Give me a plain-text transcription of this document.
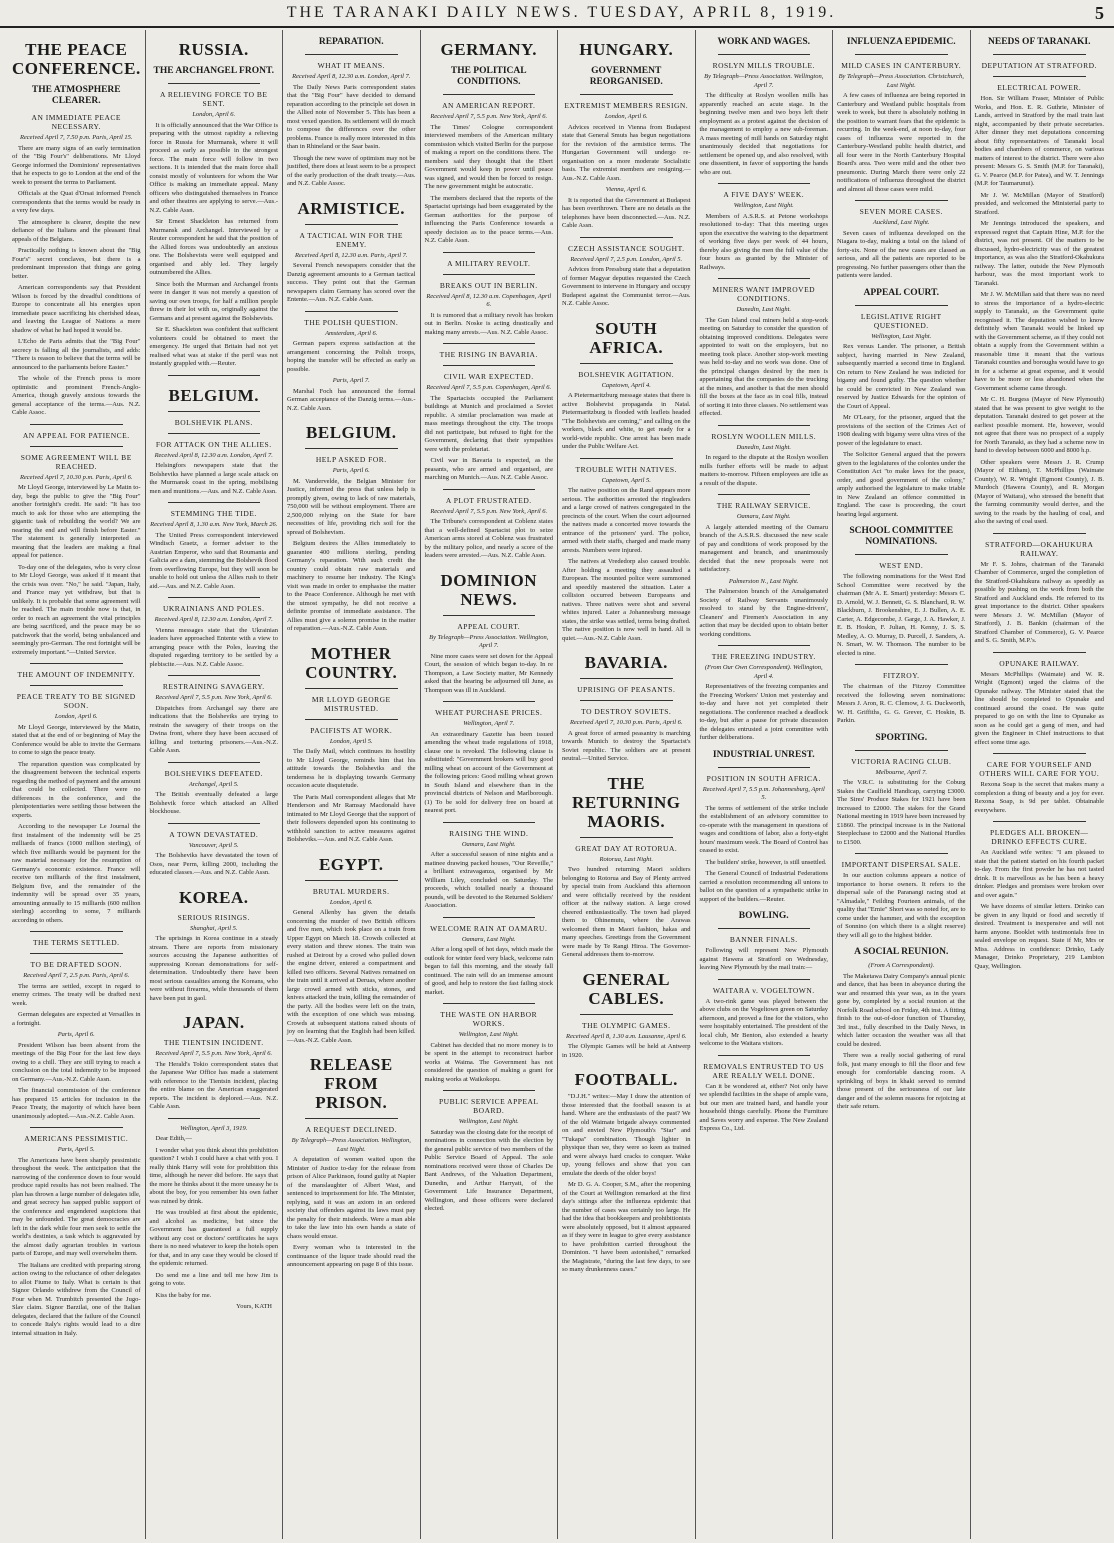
THE TARANAKI DAILY NEWS. TUESDAY, APRIL 8, 1919.	5
THE PEACE CONFERENCE.
THE ATMOSPHERE CLEARER.
AN IMMEDIATE PEACE NECESSARY.
Received April 7, 7.50 p.m. Paris, April 15.

There are many signs of an early termination of the "Big Four's" deliberations. Mr Lloyd George informed the Dominions' representatives that he expects to go to London at the end of the week to present the terms to Parliament.

Officials at the Quai d'Orsai informed French correspondents that the terms would be ready in a very few days.

The atmosphere is clearer, despite the new defiance of the Italians and the pleasant final appeals of the Belgians.

Practically nothing is known about the "Big Four's" secret conclaves, but there is a predominant impression that things are going better.

American correspondents say that President Wilson is forced by the dreadful conditions of Europe to concentrate all his energies upon immediate peace sacrificing his cherished ideas, and leaving the League of Nations a mere shadow of what he had hoped it would be.

L'Echo de Paris admits that the "Big Four" secrecy is falling all the journalists, and adds: "There is reason to believe that the terms will be announced to the parliaments before Easter."

The whole of the French press is more optimistic and prominent French-Anglo-America, though gravely anxious towards the general acceptance of the terms.—Aus. N.Z. Cable Assoc.

AN APPEAL FOR PATIENCE.
SOME AGREEMENT WILL BE REACHED.
Received April 7, 10.30 p.m. Paris, April 6.

Mr Lloyd George, interviewed by Le Matin to-day, begs the public to give the "Big Four" another fortnight's credit. He said: "It has too much to ask for those who are attempting the gigantic task of rebuilding the world? We are nearing the end and will finish before Easter." The statement is generally interpreted as meaning that the leaders are making a final appeal for patience.

To-day one of the delegates, who is very close to Mr Lloyd George, was asked if it meant that the crisis was over. "No," he said. "Japan, Italy, and France may yet withdraw, but that is unlikely. It is probable that some agreement will be reached. The main trouble now is that, in order to reach an agreement the vital principles are being sacrificed, and the peace may be so patchwork that the world, being unbalanced and seemingly pro-German. The rest fortnight will be extremely important."—United Service.

THE AMOUNT OF INDEMNITY.
PEACE TREATY TO BE SIGNED SOON.
London, April 6.

Mr Lloyd George, interviewed by the Matin, stated that at the end of or beginning of May the Conference would be able to invite the Germans to come to sign the peace treaty.

The reparation question was complicated by the disagreement between the technical experts regarding the method of payment and the amount that could be collected. There were no differences in the conference, and the plenipotentiaries were settling those between the experts.

According to the newspaper Le Journal the first instalment of the indemnity will be 25 milliards of francs (1000 million sterling), of which five milliards would be payment for the raw material necessary for the resumption of Germany's economic existence. France will receive ten milliards of the first instalment, Belgium five, and the remainder of the indemnity will be spread over 35 years, amounting annually to 15 milliards (600 million sterling) according to some, 7 milliards according to others.

THE TERMS SETTLED.
TO BE DRAFTED SOON.
Received April 7, 2.5 p.m. Paris, April 6.

The terms are settled, except in regard to enemy crimes. The treaty will be drafted next week.

German delegates are expected at Versailles in a fortnight.

Paris, April 6.

President Wilson has been absent from the meetings of the Big Four for the last few days owing to a chill. They are still trying to reach a conclusion on the total indemnity to be imposed on Germany.—Aus.-N.Z. Cable Assn.

The financial commission of the conference has prepared 15 articles for inclusion in the Peace Treaty, the majority of which have been unanimously adopted.—Aus.-N.Z. Cable Assn.

AMERICANS PESSIMISTIC.
Paris, April 5.

The Americans have been sharply pessimistic throughout the week. The anticipation that the narrowing of the conference down to four would produce rapid results has not been realised. The plan has thrown a large number of delegates idle, and great secrecy has sapped public support of the conference and engendered suspicions that may be unfounded. The great democracies are left in the dark while four men seek to settle the world's destinies, a task which is aggravated by the almost daily agrarian troubles in various parts of Europe, and may well overwhelm them.

The Italians are credited with preparing strong action owing to the reluctance of other delegates to allot Fiume to Italy. What is certain is that Signor Orlando withdrew from the Council of Four when M. Trumbitch presented the Jugo-Slav claim. Signor Barzilai, one of the Italian delegates, declared that the failure of the Council to concede Italy's rights would lead to a dire internal situation in Italy.

RUSSIA.
THE ARCHANGEL FRONT.
A RELIEVING FORCE TO BE SENT.
London, April 6.

It is officially announced that the War Office is preparing with the utmost rapidity a relieving force in Russia for Murmansk, where it will proceed as early as possible in the strongest force. The main force will follow in two sections. It is intended that the main force shall consist mostly of volunteers for whom the War Office is making an immediate appeal. Many officers who distinguished themselves in France and other theatres are applying to serve.—Aus.-N.Z. Cable Assn.

Sir Ernest Shackleton has returned from Murmansk and Archangel. Interviewed by a Reuter correspondent he said that the position of the Allied forces was undoubtedly an anxious one. The Bolshevists were well equipped and organised and ably led. They largely outnumbered the Allies.

Since both the Murman and Archangel fronts were in danger it was not merely a question of saving our own troops, for half a million people threw in their lot with us, originally against the Germans and at present against the Bolshevists.

Sir E. Shackleton was confident that sufficient volunteers could be obtained to meet the emergency. He urged that Britain had not yet realised what was at stake if the peril was not instantly grappled with.—Reuter.

BELGIUM.
BOLSHEVIK PLANS.
FOR ATTACK ON THE ALLIES.
Received April 8, 12.30 a.m. London, April 7.

Helsingfors newspapers state that the Bolsheviks have planned a large scale attack on the Murmansk coast in the spring, mobilising men and munitions.—Aus. and N.Z. Cable Assn.

STEMMING THE TIDE.
Received April 8, 1.30 a.m. New York, March 26.

The United Press correspondent interviewed Windisch Graetz, a former adviser to the Austrian Emperor, who said that Roumania and Galicia are a dam, stemming the Bolshevik flood from overflowing Europe, but they will soon be unable to hold out unless the Allies rush to their aid.—Aus. and N.Z. Cable Assn.

UKRAINIANS AND POLES.
Received April 8, 12.30 a.m. London, April 7.

Vienna messages state that the Ukrainian leaders have approached Entente with a view to arranging peace with the Poles, leaving the disputed regarding territory to be settled by a plebiscite.—Aus. N.Z. Cable Assoc.

RESTRAINING SAVAGERY.
Received April 7, 5.5 p.m. New York, April 6.

Dispatches from Archangel say there are indications that the Bolsheviks are trying to restrain the savagery of their troops on the Dwina front, where they have been accused of killing and torturing prisoners.—Aus.-N.Z. Cable Assn.

BOLSHEVIKS DEFEATED.
Archangel, April 5.

The British eventually defeated a large Bolshevik force which attacked an Allied blockhouse.

A TOWN DEVASTATED.
Vancouver, April 5.

The Bolsheviks have devastated the town of Osos, near Perm, killing 2000, including the educated classes.—Aus. and N.Z. Cable Assn.

KOREA.
SERIOUS RISINGS.
Shanghai, April 5.

The uprisings in Korea continue in a steady stream. There are reports from missionary sources accusing the Japanese authorities of suppressing Korean demonstrations for self-determination. Undoubtedly there have been most serious casualties among the Koreans, who were without firearms, while thousands of them have been put in gaol.

JAPAN.
THE TIENTSIN INCIDENT.
Received April 7, 5.5 p.m. New York, April 6.

The Herald's Tokio correspondent states that the Japanese War Office has made a statement with reference to the Tientsin incident, placing the entire blame on the American exaggerated reports. The incident is deplored.—Aus. N.Z. Cable Assn.

Wellington, April 3, 1919.

Dear Edith,—

I wonder what you think about this prohibition question? I wish I could have a chat with you. I really think Harry will vote for prohibition this time, although he never did before. He says that the more he thinks about it the more uneasy he is about the boy, for you remember his own father was ruined by drink.

He was troubled at first about the epidemic, and alcohol as medicine, but since the Government has guaranteed a full supply without any cost or doctors' certificates he says there is no need whatever to keep the hotels open for that, and in any case they would be closed if the epidemic returned.

Do send me a line and tell me how Jim is going to vote.

Kiss the baby for me.

Yours, KATH
REPARATION.
WHAT IT MEANS.
Received April 8, 12.30 a.m. London, April 7.

The Daily News Paris correspondent states that the "Big Four" have decided to demand reparation according to the principle set down in the Allied note of November 5. This has been a most vexed question. Its settlement will do much to compose the differences over the other problems. France is really more interested in this than in Rhineland or the Saar basin.

Though the new wave of optimism may not be justified, there does at least seem to be a prospect of the early production of the draft treaty.—Aus. and N.Z. Cable Assoc.

ARMISTICE.
A TACTICAL WIN FOR THE ENEMY.
Received April 8, 12.30 a.m. Paris, April 7.

Several French newspapers consider that the Danzig agreement amounts to a German tactical success. They point out that the German newspapers claim Germany has scored over the Entente.—Aus. N.Z. Cable Assn.

THE POLISH QUESTION.
Amsterdam, April 6.

German papers express satisfaction at the arrangement concerning the Polish troops, hoping the transfer will be effected as early as possible.

Paris, April 7.

Marshal Foch has announced the formal German acceptance of the Danzig terms.—Aus.-N.Z. Cable Assn.

BELGIUM.
HELP ASKED FOR.
Paris, April 6.

M. Vandervelde, the Belgian Minister for Justice, informed the press that unless help is promptly given, owing to lack of raw materials, 750,000 will be without employment. There are 2,500,000 relying on the State for bare necessities of life, providing rich soil for the spread of Bolshevism.

Belgium desires the Allies immediately to guarantee 400 millions sterling, pending Germany's reparation. With such credit the country could obtain raw materials and machinery to resume her industry. The King's visit was made in order to emphasise the matter to the Peace Conference. Although he met with the utmost sympathy, he did not receive a definite promise of immediate assistance. The Allies must give a solemn promise in the matter of reparation.—Aus.-N.Z. Cable Assn.

MOTHER COUNTRY.
MR LLOYD GEORGE MISTRUSTED.
PACIFISTS AT WORK.
London, April 5.

The Daily Mail, which continues its hostility to Mr Lloyd George, reminds him that his attitude towards the Bolsheviks and the tenderness he is displaying towards Germany occasion acute disquietude.

The Paris Mail correspondent alleges that Mr Henderson and Mr Ramsay Macdonald have intimated to Mr Lloyd George that the support of their followers depended upon his continuing to withhold sanction to active measures against Bolsheviks.—Aus. and N.Z. Cable Assn.

EGYPT.
BRUTAL MURDERS.
London, April 6.

General Allenby has given the details concerning the murder of two British officers and five men, which took place on a train from Upper Egypt on March 18. Crowds collected at every station and threw stones. The train was rushed at Deirout by a crowd who pulled down the engine driver, entered a compartment and killed two officers. Several Natives remained on the train until it arrived at Deruas, where another large crowd armed with sticks, stones, and knives attacked the train, killing the remainder of the party. All the bodies were left on the train, with the exception of one which was missing. Crowds at subsequent stations raised shouts of joy on learning that the English had been killed.—Aus.-N.Z. Cable Assn.

RELEASE FROM PRISON.
A REQUEST DECLINED.
By Telegraph—Press Association. Wellington, Last Night.

A deputation of women waited upon the Minister of Justice to-day for the release from prison of Alice Parkinson, found guilty at Napier of the manslaughter of Albert Wast, and sentenced to imprisonment for life. The Minister, replying, said it was an axiom in an ordered society that offenders against its laws must pay the penalty for their misdeeds. Were a man able to take the law into his own hands a state of chaos would ensue.

Every woman who is interested in the continuance of the liquor trade should read the announcement appearing on page 8 of this issue.

GERMANY.
THE POLITICAL CONDITIONS.
AN AMERICAN REPORT.
Received April 7, 5.5 p.m. New York, April 6.

The Times' Cologne correspondent interviewed members of the American military commission which visited Berlin for the purpose of making a report on the conditions there. The members said they thought that the Ebert Government would keep in power until peace was signed, and would then be forced to resign. The new government might be autocratic.

The members declared that the reports of the Spartacist uprisings had been exaggerated by the German authorities for the purpose of influencing the Paris Conference towards a speedy decision as to the peace terms.—Aus. N.Z. Cable Assn.

A MILITARY REVOLT.
BREAKS OUT IN BERLIN.
Received April 8, 12.30 a.m. Copenhagen, April 6.

It is rumored that a military revolt has broken out in Berlin. Noske is acting drastically and making many arrests.—Aus. N.Z. Cable Assoc.

THE RISING IN BAVARIA.
CIVIL WAR EXPECTED.
Received April 7, 5.5 p.m. Copenhagen, April 6.

The Spartacists occupied the Parliament buildings at Munich and proclaimed a Soviet republic. A similar proclamation was made at mass meetings throughout the city. The troops did not participate, but refused to fight for the Government, declaring that their sympathies were with the proletariat.

Civil war in Bavaria is expected, as the peasants, who are armed and organised, are marching on Munich.—Aus. N.Z. Cable Assoc.

A PLOT FRUSTRATED.
Received April 7, 5.5 p.m. New York, April 6.

The Tribune's correspondent at Coblenz states that a well-defined Spartacist plot to seize American arms stored at Coblenz was frustrated by the military police, and nearly a score of the leaders were arrested.—Aus. N.Z. Cable Assn.

DOMINION NEWS.
APPEAL COURT.
By Telegraph—Press Association. Wellington, April 7.

Nine more cases were set down for the Appeal Court, the session of which began to-day. In re Thompson, a Law Society matter, Mr Kennedy asked that the hearing be adjourned till June, as Thompson was ill in Auckland.

WHEAT PURCHASE PRICES.
Wellington, April 7.

An extraordinary Gazette has been issued amending the wheat trade regulations of 1918, clause one is revoked. The following clause is substituted: "Government brokers will buy good milling wheat on account of the Government at the following prices: Good milling wheat grown in South Island and elsewhere than in the provincial districts of Nelson and Marlborough. (1) To be sold for delivery free on board at nearest port.

RAISING THE WIND.
Oamaru, Last Night.

After a successful season of nine nights and a matinee drawing packed houses, "Our Reveille," a brilliant extravaganza, organised by Mr William Liley, concluded on Saturday. The proceeds, which totalled nearly a thousand pounds, will be devoted to the Returned Soldiers' Association.

WELCOME RAIN AT OAMARU.
Oamaru, Last Night.

After a long spell of hot days, which made the outlook for winter feed very black, welcome rain began to fall this morning, and the steady fall continued. The rain will do an immense amount of good, and help to restore the fast failing stock market.

THE WASTE ON HARBOR WORKS.
Wellington, Last Night.

Cabinet has decided that no more money is to be spent in the attempt to reconstruct harbor works at Waima. The Government has not considered the question of making a grant for making works at Waikokopu.

PUBLIC SERVICE APPEAL BOARD.
Wellington, Last Night.

Saturday was the closing date for the receipt of nominations in connection with the election by the general public service of two members of the Public Service Board of Appeal. The sole nominations received were those of Charles De Bant Andrews, of the Valuation Department, Dunedin, and Arthur Harryatt, of the Government Life Insurance Department, Wellington, and those officers were declared elected.

HUNGARY.
GOVERNMENT REORGANISED.
EXTREMIST MEMBERS RESIGN.
London, April 6.

Advices received in Vienna from Budapest state that General Smuts has begun negotiations for the revision of the armistice terms. The Hungarian Government will undergo re-organisation on a more moderate Socialistic basis. The extremist members are resigning.—Aus.-N.Z. Cable Assn.

Vienna, April 6.

It is reported that the Government at Budapest has been overthrown. There are no details as the telephones have been disconnected.—Aus. N.Z. Cable Assn.

CZECH ASSISTANCE SOUGHT.
Received April 7, 2.5 p.m. London, April 5.

Advices from Pressburg state that a deputation of former Magyar deputies requested the Czech Government to intervene in Hungary and occupy Budapest against the Communist terror.—Aus. N.Z. Cable Assoc.

SOUTH AFRICA.
BOLSHEVIK AGITATION.
Capetown, April 4.

A Pietermaritzburg message states that there is active Bolshevist propaganda in Natal. Pietermaritzburg is flooded with leaflets headed "The Bolshevists are coming," and calling on the workers, black and white, to get ready for a world-wide republic. One arrest has been made under the Public Welfare Act.

TROUBLE WITH NATIVES.
Capetown, April 5.

The native position on the Rand appears more serious. The authorities arrested the ringleaders and a large crowd of natives congregated in the precincts of the court. When the court adjourned the natives made a concerted move towards the entrance of the prisoners' yard. The police, armed with their staffs, charged and made many arrests. Numbers were injured.

The natives at Vrededorp also caused trouble. After holding a meeting they assaulted a European. The mounted police were summoned and speedily mastered the situation. Later a collision occurred between Europeans and natives. Three natives were shot and several whites injured. Later a Johannesburg message states, the strike was settled, terms being drafted. The native position is now well in hand. All is quiet.—Aus.-N.Z. Cable Assn.

BAVARIA.
UPRISING OF PEASANTS.
TO DESTROY SOVIETS.
Received April 7, 10.30 p.m. Paris, April 6.

A great force of armed peasantry is marching towards Munich to destroy the Spartacist's Soviet republic. The soldiers are at present neutral.—United Service.

THE RETURNING MAORIS.
GREAT DAY AT ROTORUA.
Rotorua, Last Night.

Two hundred returning Maori soldiers belonging to Rotorua and Bay of Plenty arrived by special train from Auckland this afternoon and were officially received by the resident officer at the railway station. A large crowd cheered enthusiastically. The town had played them to Ohinemutu, where the Arawas welcomed them in Maori fashion, hakas and many speeches. Greetings from the Government were made by Te Rangi Hiroa. The Governor-General addresses them to-morrow.

GENERAL CABLES.
THE OLYMPIC GAMES.
Received April 8, 1.30 a.m. Lausanne, April 6.

The Olympic Games will be held at Antwerp in 1920.

FOOTBALL.

"D.J.H." writes:—May I draw the attention of those interested that the football season is at hand. Where are the enthusiasts of the past? We of the old Waimate brigade always commented on and envied New Plymouth's "Star" and "Tukapa" combination. Though lighter in physique than we, they were so keen as trained and were always hard cracks to conquer. Wake up, young fellows and show that you can emulate the deeds of the older boys!

Mr D. G. A. Cooper, S.M., after the reopening of the Court at Wellington remarked at the first day's sittings after the influenza epidemic that the number of cases was certainly too large. He had the idea that bookkeepers and prohibitionists were absolutely opposed, but it almost appeared as if they were in league to give every assistance to have prohibition carried throughout the Dominion. "I have been astonished," remarked the Magistrate, "during the last few days, to see so many drunkenness cases."

WORK AND WAGES.
ROSLYN MILLS TROUBLE.
By Telegraph—Press Association. Wellington, April 7.

The difficulty at Roslyn woollen mills has apparently reached an acute stage. In the beginning twelve men and two boys left their employment as a protest against the decision of the management to employ a new sub-foreman. A mass meeting of mill hands on Saturday night unanimously decided that negotiations for settlement be opened up, and also resolved, with one dissentient, in favor of supporting the hands who are out.

A FIVE DAYS' WEEK.
Wellington, Last Night.

Members of A.S.R.S. at Petone workshops resolutioned to-day: That this meeting urges upon the executive the waiving to the department of working five days per week of 44 hours, thereby also giving the men the full value of the four hours as granted by the Minister of Railways.

MINERS WANT IMPROVED CONDITIONS.
Dunedin, Last Night.

The Gun Island coal miners held a stop-work meeting on Saturday to consider the question of obtaining improved conditions. Delegates were appointed to wait on the employers, but no meeting took place. Another stop-work meeting was held to-day and no work was done. One of the principal changes desired by the men is appertaining that the companies do the trucking at the mines, and another is that the men should fill the boxes at the face as in coal fills, instead of sorting it into three classes. No settlement was effected.

ROSLYN WOOLLEN MILLS.
Dunedin, Last Night.

In regard to the dispute at the Roslyn woollen mills further efforts will be made to adjust matters to-morrow. Fifteen employees are idle as a result of the dispute.

THE RAILWAY SERVICE.
Oamaru, Last Night.

A largely attended meeting of the Oamaru branch of the A.S.R.S. discussed the new scale of pay and conditions of work proposed by the management and branch, and unanimously decided that the new proposals were not satisfactory.

Palmerston N., Last Night.

The Palmerston branch of the Amalgamated Society of Railway Servants unanimously resolved to stand by the Engine-drivers', Cleaners' and Firemen's Association in any action that may be decided upon to obtain better working conditions.

THE FREEZING INDUSTRY.
(From Our Own Correspondent). Wellington, April 4.

Representatives of the freezing companies and the Freezing Workers' Union met yesterday and to-day and have not yet completed their negotiations. The conference reached a deadlock to-day, but after a pause for private discussion the delegates entrusted a joint committee with further deliberations.

INDUSTRIAL UNREST.
POSITION IN SOUTH AFRICA.
Received April 7, 5.5 p.m. Johannesburg, April 5.

The terms of settlement of the strike include the establishment of an advisory committee to co-operate with the management in questions of wages and conditions of labor, also a forty-eight hours' maximum week. The Board of Control has ceased to exist.

The builders' strike, however, is still unsettled.

The General Council of Industrial Federations carried a resolution recommending all unions to ballot on the question of a sympathetic strike in support of the builders.—Reuter.

BOWLING.
BANNER FINALS.

Following will represent New Plymouth against Hawera at Stratford on Wednesday, leaving New Plymouth by the mail train:—

WAITARA v. VOGELTOWN.

A two-rink game was played between the above clubs on the Vogeltown green on Saturday afternoon, and proved a fine for the visitors, who were hospitably entertained. The president of the local club, Mr Benton, also extended a hearty welcome to the Waitara visitors.

REMOVALS ENTRUSTED TO US ARE REALLY WELL DONE.

Can it be wondered at, either? Not only have we splendid facilities in the shape of ample vans, but our men are trained hard, and handle your household things carefully. Phone the Furniture and Saves worry and expense. The New Zealand Express Co., Ltd.

INFLUENZA EPIDEMIC.
MILD CASES IN CANTERBURY.
By Telegraph—Press Association. Christchurch, Last Night.

A few cases of influenza are being reported in Canterbury and Westland public hospitals from week to week, but there is absolutely nothing in the position to warrant fears that the epidemic is recurring. In the week-end, at noon to-day, four cases of influenza were reported in the Canterbury-Westland public health district, and all four were in the North Canterbury Hospital Board's area. Two were mild and the other two pneumonic. During March there were only 22 notifications of influenza throughout the district and almost all those cases were mild.

SEVEN MORE CASES.
Auckland, Last Night.

Seven cases of influenza developed on the Niagara to-day, making a total on the island of forty-six. None of the new cases are classed as serious, and all the patients are reported to be progressing. No further passengers other than the patients were landed.

APPEAL COURT.
LEGISLATIVE RIGHT QUESTIONED.
Wellington, Last Night.

Rex versus Lander. The prisoner, a British subject, having married in New Zealand, subsequently married a second time in England. On return to New Zealand he was indicted for bigamy and found guilty. The question whether he could be convicted in New Zealand was reserved by Justice Edwards for the opinion of the Court of Appeal.

Mr O'Leary, for the prisoner, argued that the provisions of the section of the Crimes Act of 1908 dealing with bigamy were ultra vires of the power of the legislature to enact.

The Solicitor General argued that the powers given to the legislatures of the colonies under the Constitution Act "to make laws for the peace, order, and good government of the colony," amply authorised the legislature to make triable in New Zealand an offence committed in England. The case is proceeding, the court hearing legal argument.

SCHOOL COMMITTEE NOMINATIONS.
WEST END.

The following nominations for the West End School Committee were received by the chairman (Mr A. E. Smart) yesterday: Messrs C. D. Arnold, W. J. Bennett, G. S. Blanchard, R. W. Blackburn, J. Brookenshire, E. J. Bullen, A. E. Carter, A. Edgecombe, J. Garge, J. A. Hawker, J. E. B. Hoskin, F. Julian, H. Kenny, J. S. S. Medley, A. O. Murray, D. Purcell, J. Sanders, A. N. Smart, W. W. Thomson. The number to be elected is nine.

FITZROY.

The chairman of the Fitzroy Committee received the following seven nominations: Messrs J. Aron, R. C. Clemow, J. G. Duckworth, W. H. Griffiths, G. G. Grever, C. Hoskin, B. Parkin.

SPORTING.
VICTORIA RACING CLUB.
Melbourne, April 7.

The V.R.C. is substituting for the Coburg Stakes the Caulfield Handicap, carrying £3000. The Sires' Produce Stakes for 1921 have been increased to £2000. The stakes for the Grand National meeting in 1919 have been increased by £1860. The principal increase is in the National Steeplechase to £2000 and the National Hurdles to £1500.

IMPORTANT DISPERSAL SALE.

In our auction columns appears a notice of importance to horse owners. It refers to the dispersal sale of the Paranangi racing stud at "Almadale," Feilding Fourteen animals, of the quality that "Ernie" Short was so noted for, are to come under the hammer, and with the exception of Sonnino (on which there is a slight reserve) they will all go to the highest bidder.

A SOCIAL REUNION.
(From A Correspondent).

The Maketawa Dairy Company's annual picnic and dance, that has been in abeyance during the war and resumed this year was, as in the years gone by, completed by a social reunion at the Norfolk Road school on Friday, 4th inst. A fitting finish to the out-of-door function of Thursday, 3rd inst., fully described in the Daily News, in which latter occasion the weather was all that could be desired.

There was a really social gathering of rural folk, just many enough to fill the floor and few enough for comfortable dancing room. A sprinkling of boys in khaki served to remind those present of the seriousness of our late danger and of the solemn reasons for rejoicing at their safe return.

NEEDS OF TARANAKI.
DEPUTATION AT STRATFORD.
ELECTRICAL POWER.

Hon. Sir William Fraser, Minister of Public Works, and Hon. E. R. Guthrie, Minister of Lands, arrived in Stratford by the mail train last night, accompanied by their private secretaries. After dinner they met deputations concerning about fifty representatives of Taranaki local bodies and chambers of commerce, on various matters of interest to the district. There were also present: Messrs G. S. Smith (M.P. for Taranaki), G. V. Pearce (M.P. for Patea), and W. T. Jennings (M.P. for Taumarunui).

Mr J. W. McMillan (Mayor of Stratford) presided, and welcomed the Ministerial party to Stratford.

Mr Jennings introduced the speakers, and expressed regret that Captain Hine, M.P. for the district, was not present. Of the matters to be discussed, hydro-electricity was of the greatest importance, as was also the Stratford-Okahukura railway. The latter, outside the New Plymouth harbour, was the most important work to Taranaki.

Mr J. W. McMillan said that there was no need to stress the importance of a hydro-electric supply to Taranaki, as the Government quite recognised it. The deputation wished to know definitely when Taranaki would be linked up with the Government scheme, as if they could not obtain a supply from the Government within a reasonable time it meant that the various Taranaki counties and boroughs would have to go in for a scheme at great expense, and it would have to be more or less abandoned when the Government scheme came through.

Mr C. H. Burgess (Mayor of New Plymouth) stated that he was present to give weight to the deputation. Taranaki desired to get power at the earliest possible moment. He, however, would not agree that there was no prospect of a supply for North Taranaki, as they had a scheme now in hand to develop between 6000 and 8000 h.p.

Other speakers were Messrs J. R. Crump (Mayor of Eltham), T. McPhillips (Waimate County), W. R. Wright (Egmont County), J. B. Murdoch (Hawera County), and R. Morgan (Mayor of Waitara), who stressed the benefit that the farming community would derive, and the saving to the roads by the hauling of coal, and also the saving of coal used.

STRATFORD—OKAHUKURA RAILWAY.

Mr F. S. Johns, chairman of the Taranaki Chamber of Commerce, urged the completion of the Stratford-Okahukura railway as speedily as possible by pushing on the work from both the Stratford and Auckland ends. He referred to its great importance to the district. Other speakers were Messrs J. W. McMillan (Mayor of Stratford), J. B. Bankin (chairman of the Stratford Chamber of Commerce), G. V. Pearce and S. G. Smith, M.P.'s.

OPUNAKE RAILWAY.

Messrs McPhillips (Waimate) and W. R. Wright (Egmont) urged the claims of the Opunake railway. The Minister stated that the line should be completed to Opunake and continued around the coast. He was quite prepared to go on with the line to Opunake as soon as he could get a gang of men, and had given the Engineer in Chief instructions to that effect some time ago.

CARE FOR YOURSELF AND OTHERS WILL CARE FOR YOU.

Rexona Soap is the secret that makes many a complexion a thing of beauty and a joy for ever. Rexona Soap, is 9d per tablet. Obtainable everywhere.

PLEDGES ALL BROKEN—DRINKO EFFECTS CURE.

An Auckland wife writes: "I am pleased to state that the patient started on his fourth packet to-day. From the first powder he has not tasted drink. It is marvellous as he has been a heavy drinker. Pledges and promises were broken over and over again."

We have dozens of similar letters. Drinko can be given in any liquid or food and secretly if desired. Treatment is inexpensive and will not harm anyone. Booklet with testimonials free in sealed envelope on request. State if Mr, Mrs or Miss. Address in confidence: Drinko, Lady Manager, Drinko Proprietary, 219 Lambton Quay, Wellington.
